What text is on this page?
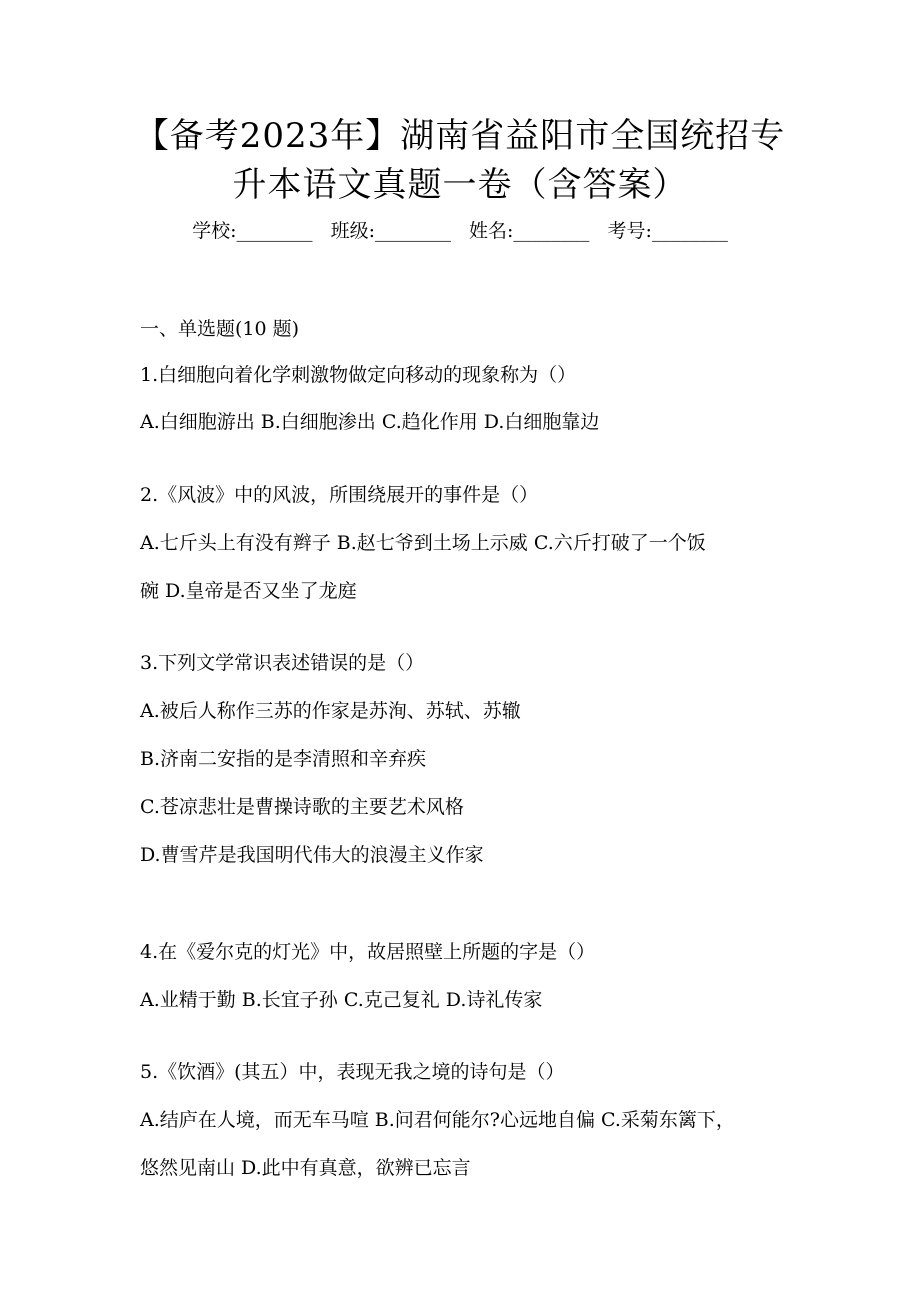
【备考2023年】湖南省益阳市全国统招专
升本语文真题一卷（含答案）
学校:________ 班级:________ 姓名:________ 考号:________
一、单选题(10 题)
1.白细胞向着化学刺激物做定向移动的现象称为（）
A.白细胞游出 B.白细胞渗出 C.趋化作用 D.白细胞靠边
2.《风波》中的风波，所围绕展开的事件是（）
A.七斤头上有没有辫子 B.赵七爷到土场上示威 C.六斤打破了一个饭
碗 D.皇帝是否又坐了龙庭
3.下列文学常识表述错误的是（）
A.被后人称作三苏的作家是苏洵、苏轼、苏辙
B.济南二安指的是李清照和辛弃疾
C.苍凉悲壮是曹操诗歌的主要艺术风格
D.曹雪芹是我国明代伟大的浪漫主义作家
4.在《爱尔克的灯光》中，故居照壁上所题的字是（）
A.业精于勤 B.长宜子孙 C.克己复礼 D.诗礼传家
5.《饮酒》(其五）中，表现无我之境的诗句是（）
A.结庐在人境，而无车马喧 B.问君何能尔?心远地自偏 C.采菊东篱下，
悠然见南山 D.此中有真意，欲辨已忘言
